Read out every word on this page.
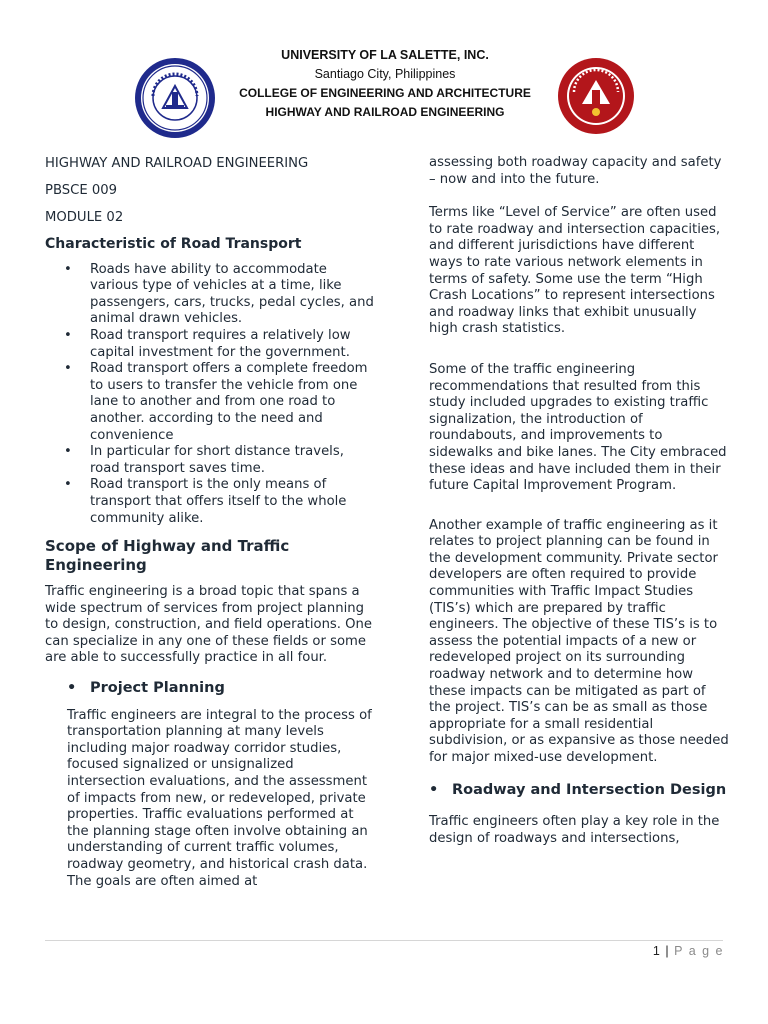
UNIVERSITY OF LA SALETTE, INC.
Santiago City, Philippines
COLLEGE OF ENGINEERING AND ARCHITECTURE
HIGHWAY AND RAILROAD ENGINEERING

HIGHWAY AND RAILROAD ENGINEERING

PBSCE 009

MODULE 02

Characteristic of Road Transport

• Roads have ability to accommodate various type of vehicles at a time, like passengers, cars, trucks, pedal cycles, and animal drawn vehicles.
• Road transport requires a relatively low capital investment for the government.
• Road transport offers a complete freedom to users to transfer the vehicle from one lane to another and from one road to another. according to the need and convenience
• In particular for short distance travels, road transport saves time.
• Road transport is the only means of transport that offers itself to the whole community alike.

Scope of Highway and Traffic Engineering

Traffic engineering is a broad topic that spans a wide spectrum of services from project planning to design, construction, and field operations. One can specialize in any one of these fields or some are able to successfully practice in all four.

• Project Planning

Traffic engineers are integral to the process of transportation planning at many levels including major roadway corridor studies, focused signalized or unsignalized intersection evaluations, and the assessment of impacts from new, or redeveloped, private properties. Traffic evaluations performed at the planning stage often involve obtaining an understanding of current traffic volumes, roadway geometry, and historical crash data. The goals are often aimed at

assessing both roadway capacity and safety – now and into the future.

Terms like “Level of Service” are often used to rate roadway and intersection capacities, and different jurisdictions have different ways to rate various network elements in terms of safety. Some use the term “High Crash Locations” to represent intersections and roadway links that exhibit unusually high crash statistics.

Some of the traffic engineering recommendations that resulted from this study included upgrades to existing traffic signalization, the introduction of roundabouts, and improvements to sidewalks and bike lanes. The City embraced these ideas and have included them in their future Capital Improvement Program.

Another example of traffic engineering as it relates to project planning can be found in the development community. Private sector developers are often required to provide communities with Traffic Impact Studies (TIS’s) which are prepared by traffic engineers. The objective of these TIS’s is to assess the potential impacts of a new or redeveloped project on its surrounding roadway network and to determine how these impacts can be mitigated as part of the project. TIS’s can be as small as those appropriate for a small residential subdivision, or as expansive as those needed for major mixed-use development.

• Roadway and Intersection Design

Traffic engineers often play a key role in the design of roadways and intersections,

1 | P a g e
